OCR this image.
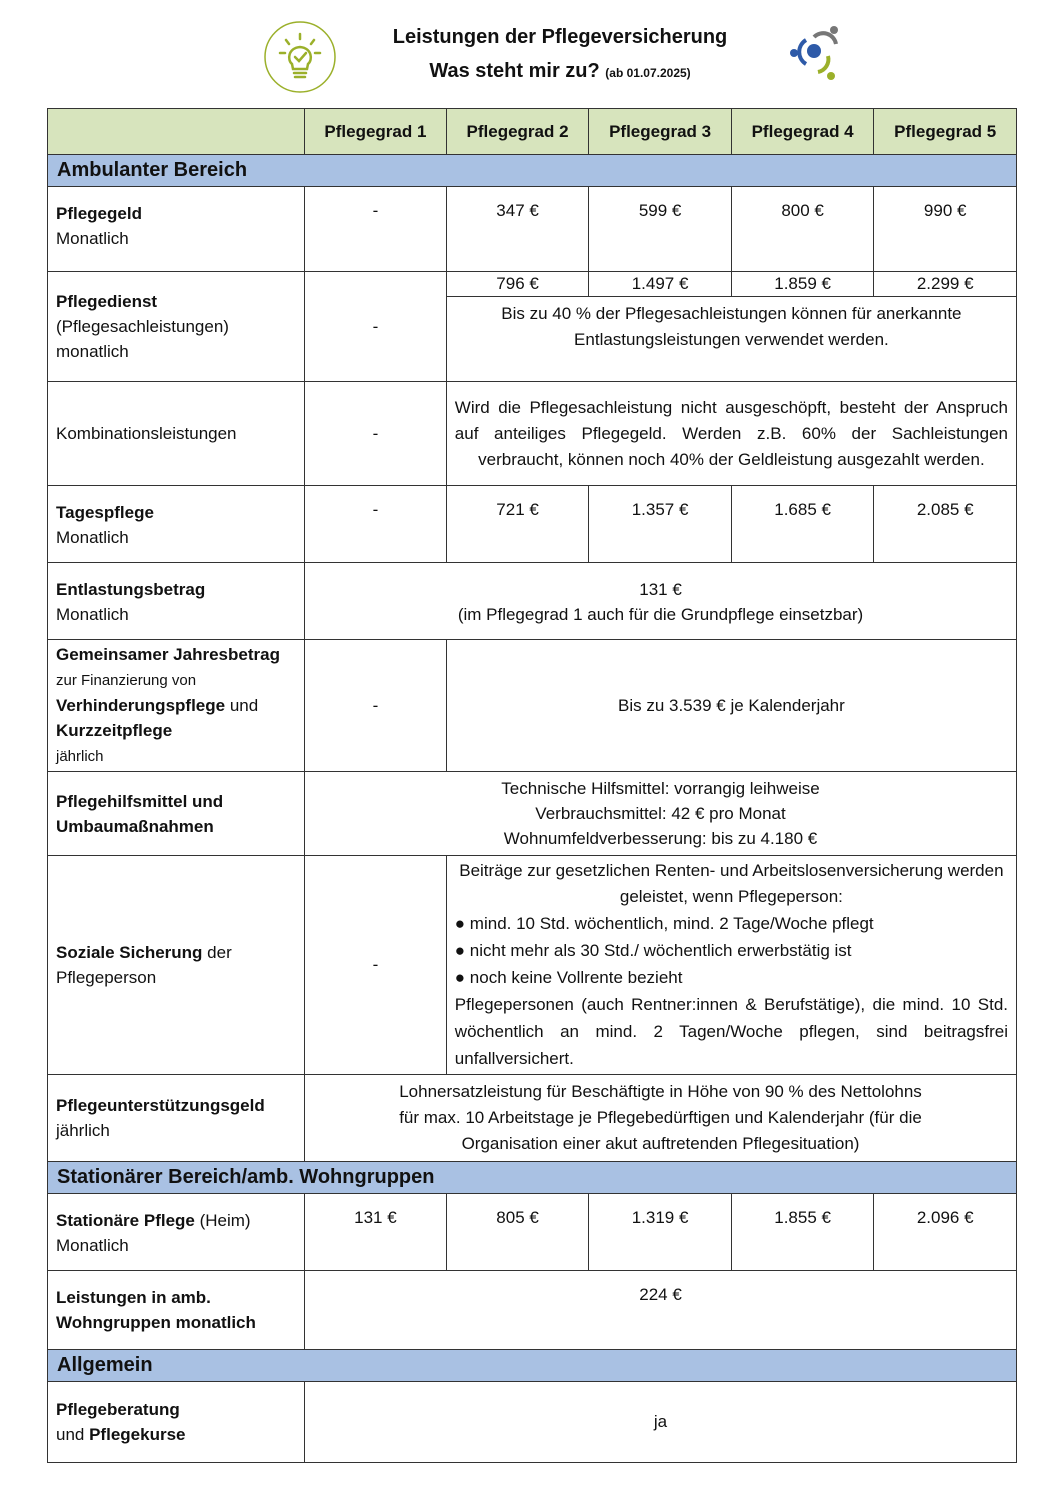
Leistungen der Pflegeversicherung
Was steht mir zu? (ab 01.07.2025)
	Pflegegrad 1	Pflegegrad 2	Pflegegrad 3	Pflegegrad 4	Pflegegrad 5
Ambulanter Bereich					
Pflegegeld
Monatlich	-	347 €	599 €	800 €	990 €
Pflegedienst
(Pflegesachleistungen)
monatlich	-	796 €	1.497 €	1.859 €	2.299 €
		Bis zu 40 % der Pflegesachleistungen können für anerkannte Entlastungsleistungen verwendet werden.			
Kombinationsleistungen	-	Wird die Pflegesachleistung nicht ausgeschöpft, besteht der Anspruch auf anteiliges Pflegegeld. Werden z.B. 60% der Sachleistungen verbraucht, können noch 40% der Geldleistung ausgezahlt werden.			
Tagespflege
Monatlich	-	721 €	1.357 €	1.685 €	2.085 €
Entlastungsbetrag
Monatlich	131 €
(im Pflegegrad 1 auch für die Grundpflege einsetzbar)				
Gemeinsamer Jahresbetrag
zur Finanzierung von
Verhinderungspflege und
Kurzzeitpflege
jährlich	-	Bis zu 3.539 € je Kalenderjahr			
Pflegehilfsmittel und
Umbaumaßnahmen	Technische Hilfsmittel: vorrangig leihweise
Verbrauchsmittel: 42 € pro Monat
Wohnumfeldverbesserung: bis zu 4.180 €				
Soziale Sicherung der Pflegeperson	-	Beiträge zur gesetzlichen Renten- und Arbeitslosenversicherung werden geleistet, wenn Pflegeperson:
● mind. 10 Std. wöchentlich, mind. 2 Tage/Woche pflegt
● nicht mehr als 30 Std./ wöchentlich erwerbstätig ist
● noch keine Vollrente bezieht
Pflegepersonen (auch Rentner:innen & Berufstätige), die mind. 10 Std. wöchentlich an mind. 2 Tagen/Woche pflegen, sind beitragsfrei unfallversichert.			

Pflegeunterstützungsgeld
jährlich	Lohnersatzleistung für Beschäftigte in Höhe von 90 % des Nettolohns
für max. 10 Arbeitstage je Pflegebedürftigen und Kalenderjahr (für die
Organisation einer akut auftretenden Pflegesituation)				
Stationärer Bereich/amb. Wohngruppen					
Stationäre Pflege (Heim)
Monatlich	131 €	805 €	1.319 €	1.855 €	2.096 €
Leistungen in amb.
Wohngruppen monatlich	224 €				
Allgemein					
Pflegeberatung
und Pflegekurse	ja				
